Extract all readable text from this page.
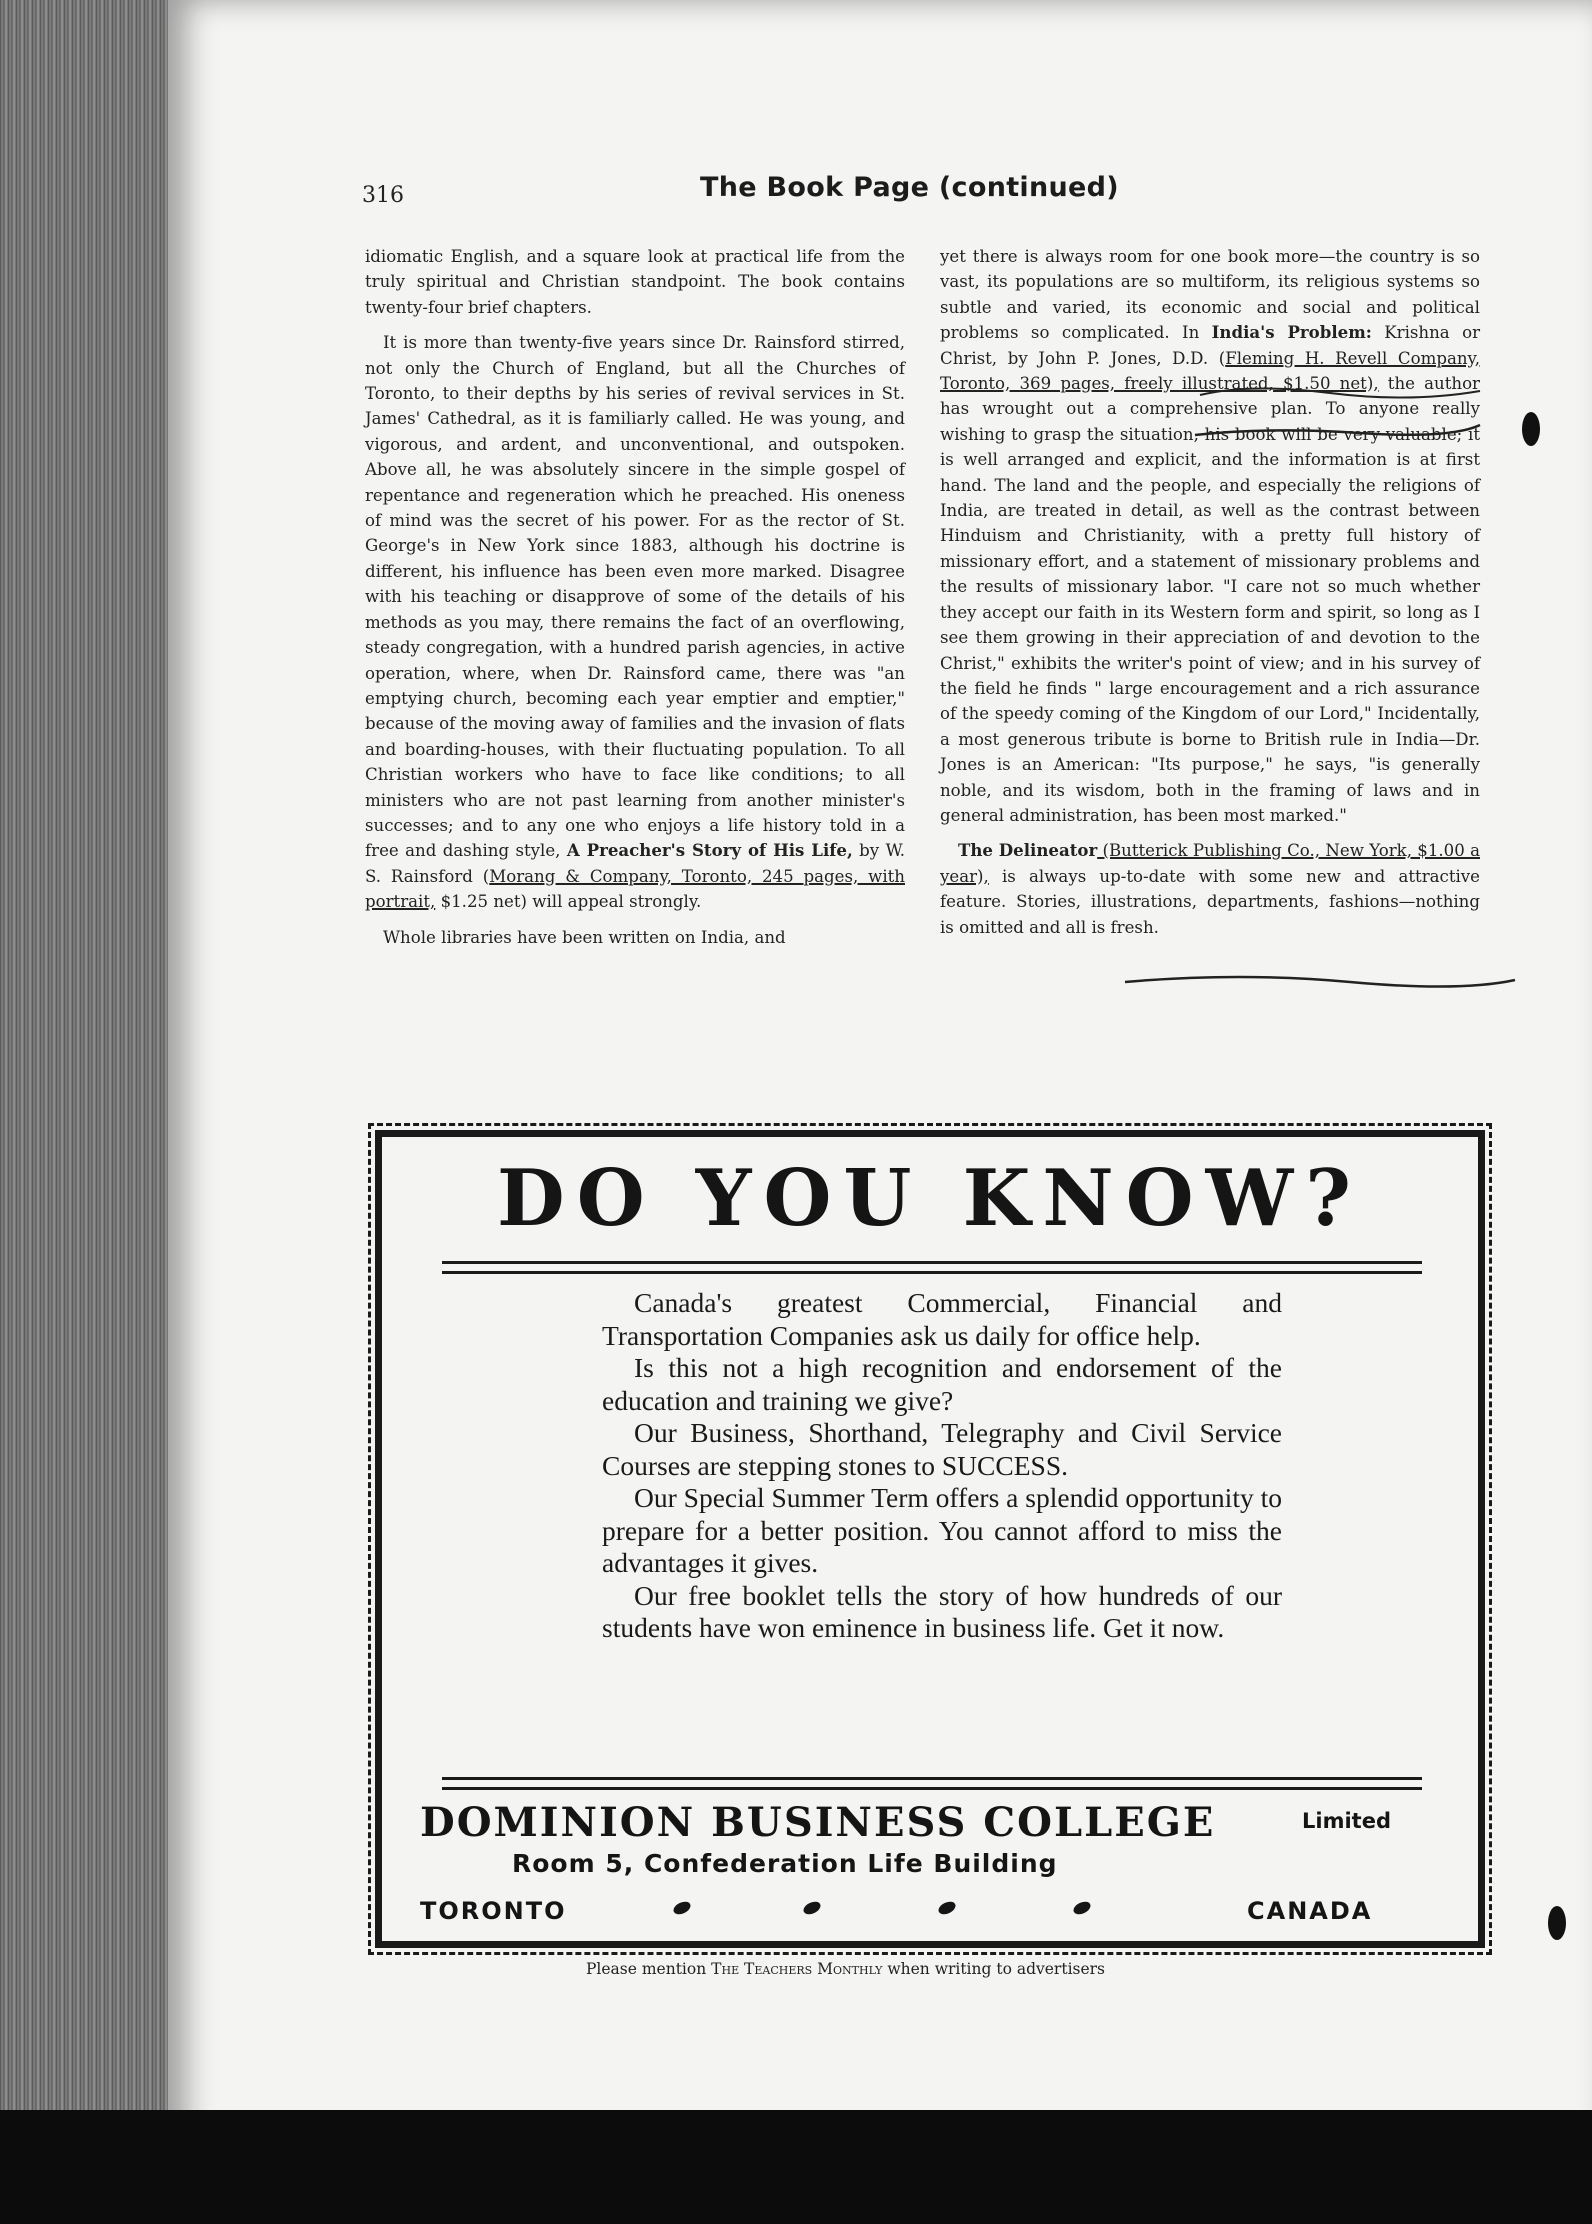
316	The Book Page (continued)

idiomatic English, and a square look at practical life from the truly spiritual and Christian standpoint. The book contains twenty-four brief chapters.

It is more than twenty-five years since Dr. Rainsford stirred, not only the Church of England, but all the Churches of Toronto, to their depths by his series of revival services in St. James' Cathedral, as it is familiarly called. He was young, and vigorous, and ardent, and unconventional, and outspoken. Above all, he was absolutely sincere in the simple gospel of repentance and regeneration which he preached. His oneness of mind was the secret of his power. For as the rector of St. George's in New York since 1883, although his doctrine is different, his influence has been even more marked. Disagree with his teaching or disapprove of some of the details of his methods as you may, there remains the fact of an overflowing, steady congregation, with a hundred parish agencies, in active operation, where, when Dr. Rainsford came, there was "an emptying church, becoming each year emptier and emptier," because of the moving away of families and the invasion of flats and boarding-houses, with their fluctuating population. To all Christian workers who have to face like conditions; to all ministers who are not past learning from another minister's successes; and to any one who enjoys a life history told in a free and dashing style, A Preacher's Story of His Life, by W. S. Rainsford (Morang & Company, Toronto, 245 pages, with portrait, $1.25 net) will appeal strongly.

Whole libraries have been written on India, and

yet there is always room for one book more—the country is so vast, its populations are so multiform, its religious systems so subtle and varied, its economic and social and political problems so complicated. In India's Problem: Krishna or Christ, by John P. Jones, D.D. (Fleming H. Revell Company, Toronto, 369 pages, freely illustrated, $1.50 net), the author has wrought out a comprehensive plan. To anyone really wishing to grasp the situation, his book will be very valuable; it is well arranged and explicit, and the information is at first hand. The land and the people, and especially the religions of India, are treated in detail, as well as the contrast between Hinduism and Christianity, with a pretty full history of missionary effort, and a statement of missionary problems and the results of missionary labor. "I care not so much whether they accept our faith in its Western form and spirit, so long as I see them growing in their appreciation of and devotion to the Christ," exhibits the writer's point of view; and in his survey of the field he finds " large encouragement and a rich assurance of the speedy coming of the Kingdom of our Lord," Incidentally, a most generous tribute is borne to British rule in India—Dr. Jones is an American: "Its purpose," he says, "is generally noble, and its wisdom, both in the framing of laws and in general administration, has been most marked."

The Delineator (Butterick Publishing Co., New York, $1.00 a year), is always up-to-date with some new and attractive feature. Stories, illustrations, departments, fashions—nothing is omitted and all is fresh.

DO YOU KNOW?

Canada's greatest Commercial, Financial and Transportation Companies ask us daily for office help.

Is this not a high recognition and endorsement of the education and training we give?

Our Business, Shorthand, Telegraphy and Civil Service Courses are stepping stones to SUCCESS.

Our Special Summer Term offers a splendid opportunity to prepare for a better position. You cannot afford to miss the advantages it gives.

Our free booklet tells the story of how hundreds of our students have won eminence in business life. Get it now.

DOMINION BUSINESS COLLEGE	Limited
Room 5, Confederation Life Building
TORONTO	CANADA
Please mention The Teachers Monthly when writing to advertisers
